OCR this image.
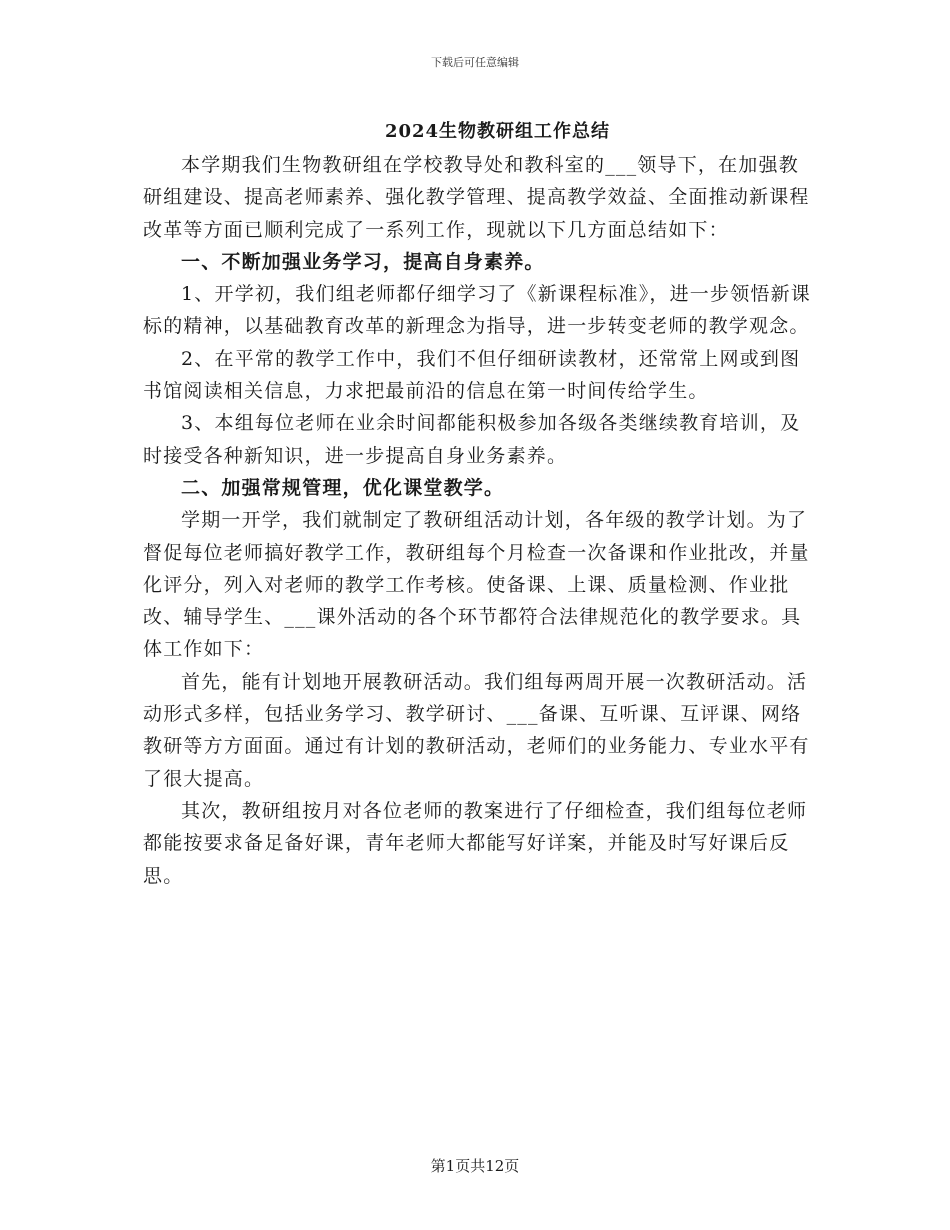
下载后可任意编辑
2024生物教研组工作总结

本学期我们生物教研组在学校教导处和教科室的___领导下，在加强教研组建设、提高老师素养、强化教学管理、提高教学效益、全面推动新课程改革等方面已顺利完成了一系列工作，现就以下几方面总结如下：

一、不断加强业务学习，提高自身素养。

1、开学初，我们组老师都仔细学习了《新课程标准》，进一步领悟新课标的精神，以基础教育改革的新理念为指导，进一步转变老师的教学观念。

2、在平常的教学工作中，我们不但仔细研读教材，还常常上网或到图书馆阅读相关信息，力求把最前沿的信息在第一时间传给学生。

3、本组每位老师在业余时间都能积极参加各级各类继续教育培训，及时接受各种新知识，进一步提高自身业务素养。

二、加强常规管理，优化课堂教学。

学期一开学，我们就制定了教研组活动计划，各年级的教学计划。为了督促每位老师搞好教学工作，教研组每个月检查一次备课和作业批改，并量化评分，列入对老师的教学工作考核。使备课、上课、质量检测、作业批改、辅导学生、___课外活动的各个环节都符合法律规范化的教学要求。具体工作如下：

首先，能有计划地开展教研活动。我们组每两周开展一次教研活动。活动形式多样，包括业务学习、教学研讨、___备课、互听课、互评课、网络教研等方方面面。通过有计划的教研活动，老师们的业务能力、专业水平有了很大提高。

其次，教研组按月对各位老师的教案进行了仔细检查，我们组每位老师都能按要求备足备好课，青年老师大都能写好详案，并能及时写好课后反思。

第1页共12页
